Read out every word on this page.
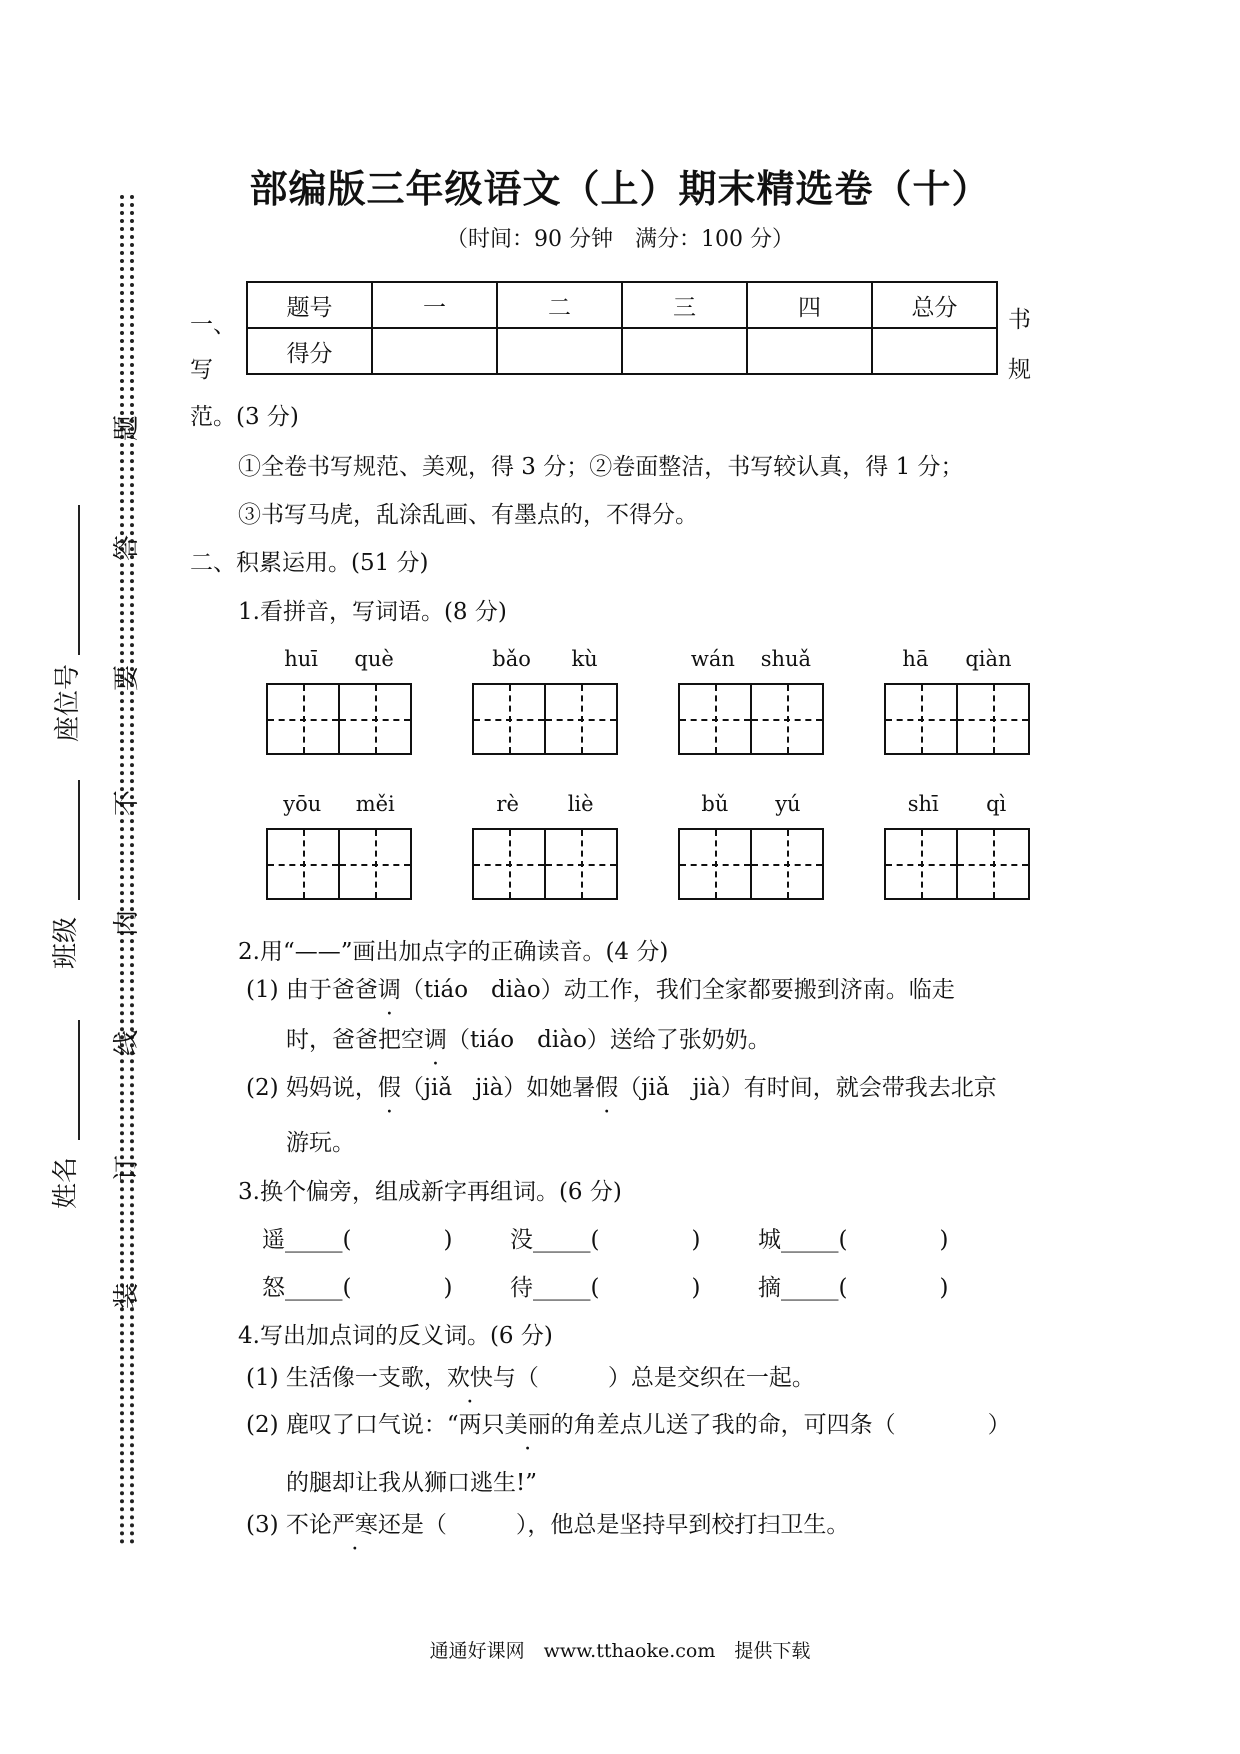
姓名
班级
座位号
装
订
线
内
不
要
答
题
部编版三年级语文（上）期末精选卷（十）
（时间：90 分钟　满分：100 分）
题号	一	二	三	四	总分
得分					
一、
写
书
规
范。(3 分)
①全卷书写规范、美观，得 3 分；②卷面整洁，书写较认真，得 1 分；
③书写马虎，乱涂乱画、有墨点的，不得分。
二、积累运用。(51 分)
1.看拼音，写词语。(8 分)
huī què	bǎo kù	wán shuǎ	hā qiàn
yōu měi	rè liè	bǔ yú	shī qì
2.用“——”画出加点字的正确读音。(4 分)
(1) 由于爸爸调（tiáo　diào）动工作，我们全家都要搬到济南。临走
时，爸爸把空调（tiáo　diào）送给了张奶奶。
(2) 妈妈说，假（jiǎ　jià）如她暑假（jiǎ　jià）有时间，就会带我去北京
游玩。
3.换个偏旁，组成新字再组词。(6 分)
遥_____(　　　　)	没_____(　　　　)	城_____(　　　　)
怒_____(　　　　)	待_____(　　　　)	摘_____(　　　　)
4.写出加点词的反义词。(6 分)
(1) 生活像一支歌，欢快与（　　　）总是交织在一起。
(2) 鹿叹了口气说：“两只美丽的角差点儿送了我的命，可四条（　　　　）
的腿却让我从狮口逃生!”
(3) 不论严寒还是（　　　），他总是坚持早到校打扫卫生。
通通好课网　www.tthaoke.com　提供下载
